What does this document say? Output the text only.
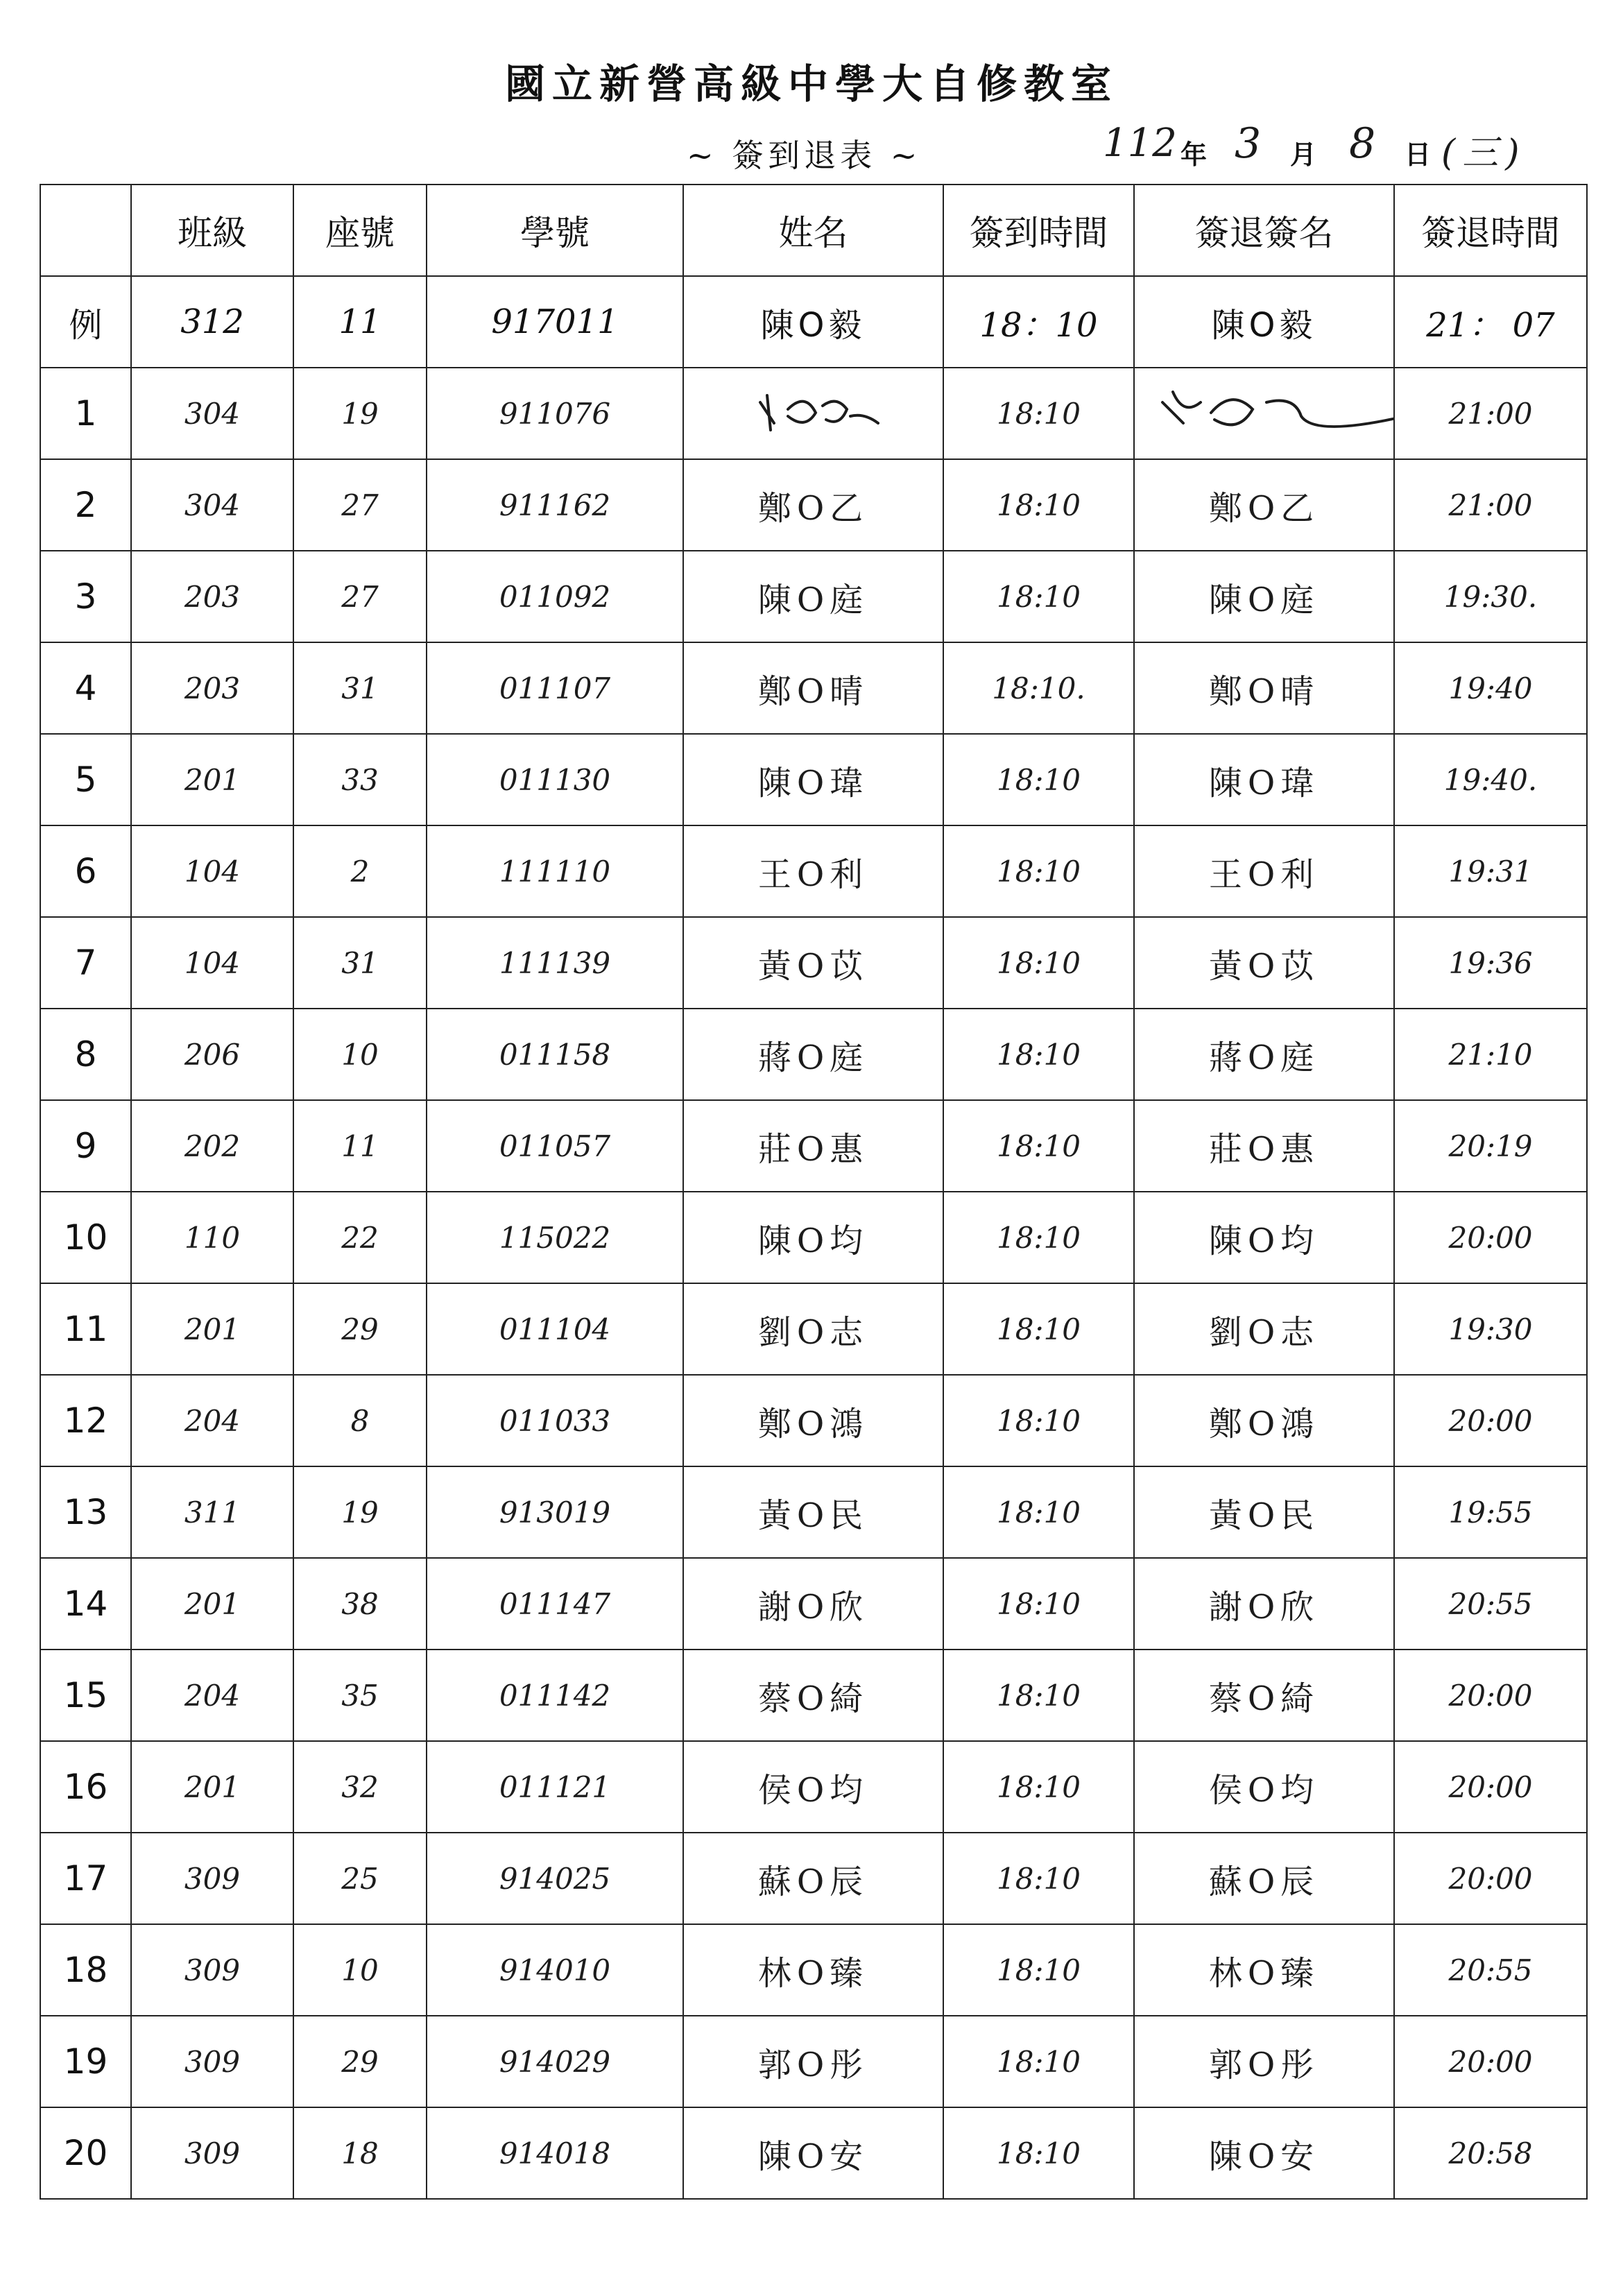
國立新營高級中學大自修教室
~ 簽到退表 ~	112 年 3 月 8 日 (三)
	班級	座號	學號	姓名	簽到時間	簽退簽名	簽退時間
例	312	11	917011	陳O毅	18：10	陳O毅	21： 07
1	304	19	911076		18:10		21:00
2	304	27	911162	鄭O乙	18:10	鄭O乙	21:00
3	203	27	011092	陳O庭	18:10	陳O庭	19:30.
4	203	31	011107	鄭O晴	18:10.	鄭O晴	19:40
5	201	33	011130	陳O瑋	18:10	陳O瑋	19:40.
6	104	2	111110	王O利	18:10	王O利	19:31
7	104	31	111139	黃O苡	18:10	黃O苡	19:36
8	206	10	011158	蔣O庭	18:10	蔣O庭	21:10
9	202	11	011057	莊O惠	18:10	莊O惠	20:19
10	110	22	115022	陳O均	18:10	陳O均	20:00
11	201	29	011104	劉O志	18:10	劉O志	19:30
12	204	8	011033	鄭O鴻	18:10	鄭O鴻	20:00
13	311	19	913019	黃O民	18:10	黃O民	19:55
14	201	38	011147	謝O欣	18:10	謝O欣	20:55
15	204	35	011142	蔡O綺	18:10	蔡O綺	20:00
16	201	32	011121	侯O均	18:10	侯O均	20:00
17	309	25	914025	蘇O辰	18:10	蘇O辰	20:00
18	309	10	914010	林O臻	18:10	林O臻	20:55
19	309	29	914029	郭O彤	18:10	郭O彤	20:00
20	309	18	914018	陳O安	18:10	陳O安	20:58
